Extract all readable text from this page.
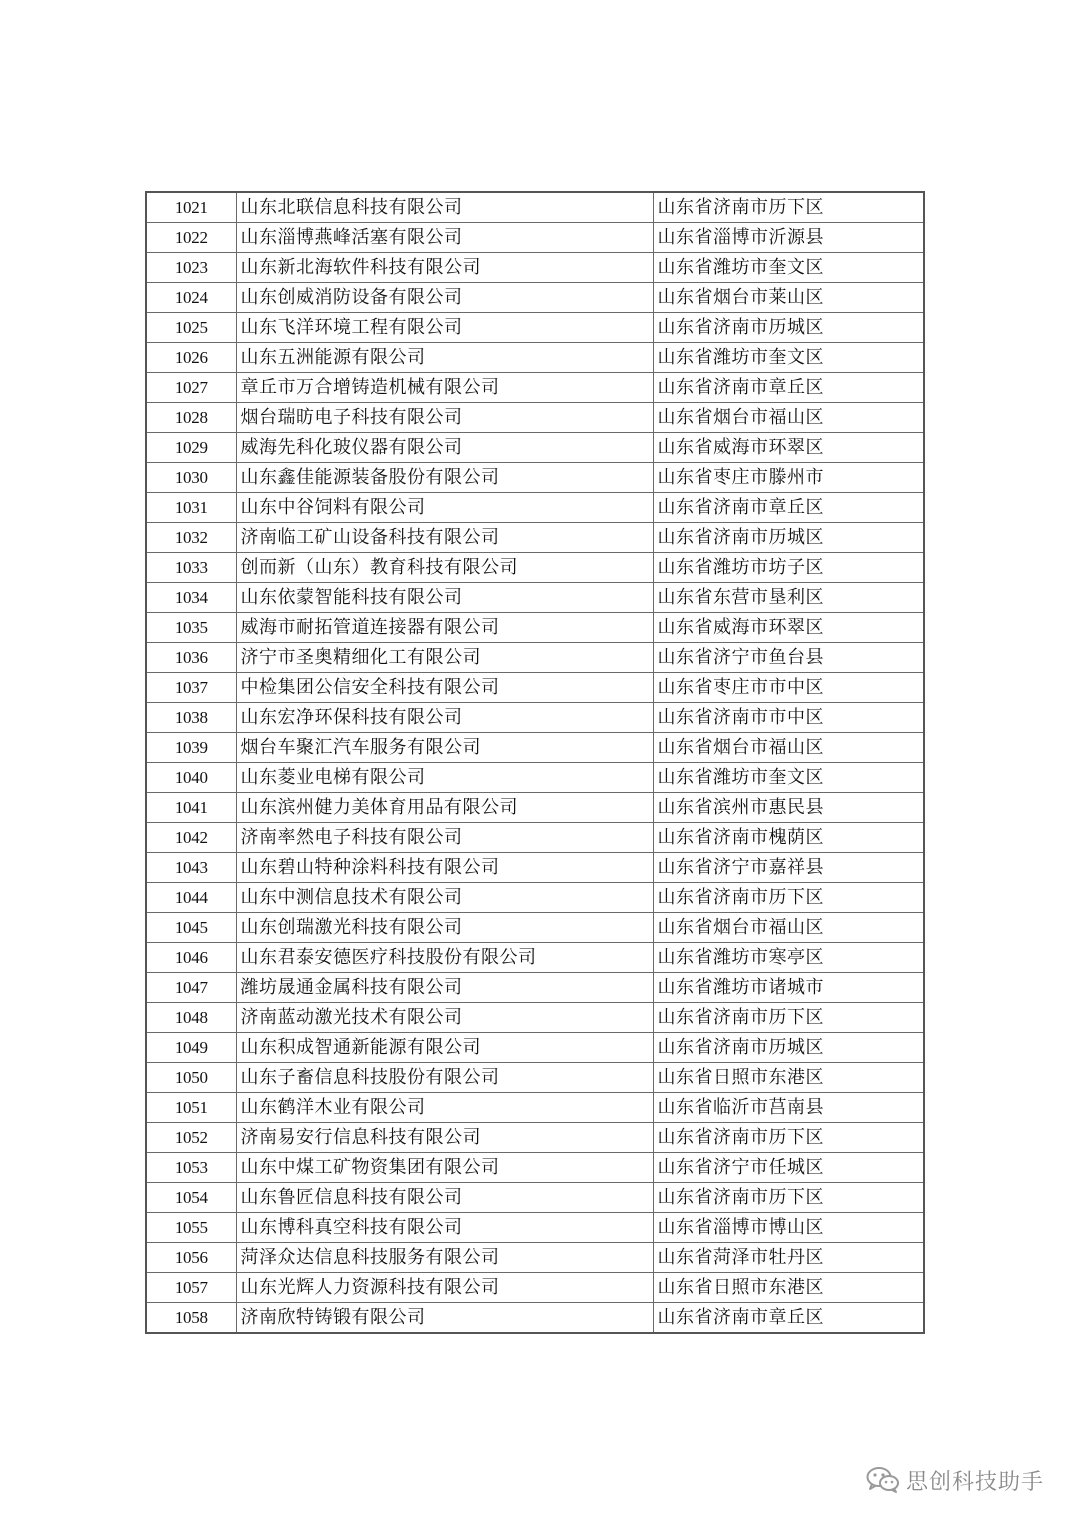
1021	山东北联信息科技有限公司	山东省济南市历下区
1022	山东淄博燕峰活塞有限公司	山东省淄博市沂源县
1023	山东新北海软件科技有限公司	山东省潍坊市奎文区
1024	山东创威消防设备有限公司	山东省烟台市莱山区
1025	山东飞洋环境工程有限公司	山东省济南市历城区
1026	山东五洲能源有限公司	山东省潍坊市奎文区
1027	章丘市万合增铸造机械有限公司	山东省济南市章丘区
1028	烟台瑞昉电子科技有限公司	山东省烟台市福山区
1029	威海先科化玻仪器有限公司	山东省威海市环翠区
1030	山东鑫佳能源装备股份有限公司	山东省枣庄市滕州市
1031	山东中谷饲料有限公司	山东省济南市章丘区
1032	济南临工矿山设备科技有限公司	山东省济南市历城区
1033	创而新（山东）教育科技有限公司	山东省潍坊市坊子区
1034	山东依蒙智能科技有限公司	山东省东营市垦利区
1035	威海市耐拓管道连接器有限公司	山东省威海市环翠区
1036	济宁市圣奥精细化工有限公司	山东省济宁市鱼台县
1037	中检集团公信安全科技有限公司	山东省枣庄市市中区
1038	山东宏净环保科技有限公司	山东省济南市市中区
1039	烟台车聚汇汽车服务有限公司	山东省烟台市福山区
1040	山东菱业电梯有限公司	山东省潍坊市奎文区
1041	山东滨州健力美体育用品有限公司	山东省滨州市惠民县
1042	济南率然电子科技有限公司	山东省济南市槐荫区
1043	山东碧山特种涂料科技有限公司	山东省济宁市嘉祥县
1044	山东中测信息技术有限公司	山东省济南市历下区
1045	山东创瑞激光科技有限公司	山东省烟台市福山区
1046	山东君泰安德医疗科技股份有限公司	山东省潍坊市寒亭区
1047	潍坊晟通金属科技有限公司	山东省潍坊市诸城市
1048	济南蓝动激光技术有限公司	山东省济南市历下区
1049	山东积成智通新能源有限公司	山东省济南市历城区
1050	山东子畜信息科技股份有限公司	山东省日照市东港区
1051	山东鹤洋木业有限公司	山东省临沂市莒南县
1052	济南易安行信息科技有限公司	山东省济南市历下区
1053	山东中煤工矿物资集团有限公司	山东省济宁市任城区
1054	山东鲁匠信息科技有限公司	山东省济南市历下区
1055	山东博科真空科技有限公司	山东省淄博市博山区
1056	菏泽众达信息科技服务有限公司	山东省菏泽市牡丹区
1057	山东光辉人力资源科技有限公司	山东省日照市东港区
1058	济南欣特铸锻有限公司	山东省济南市章丘区
思创科技助手
